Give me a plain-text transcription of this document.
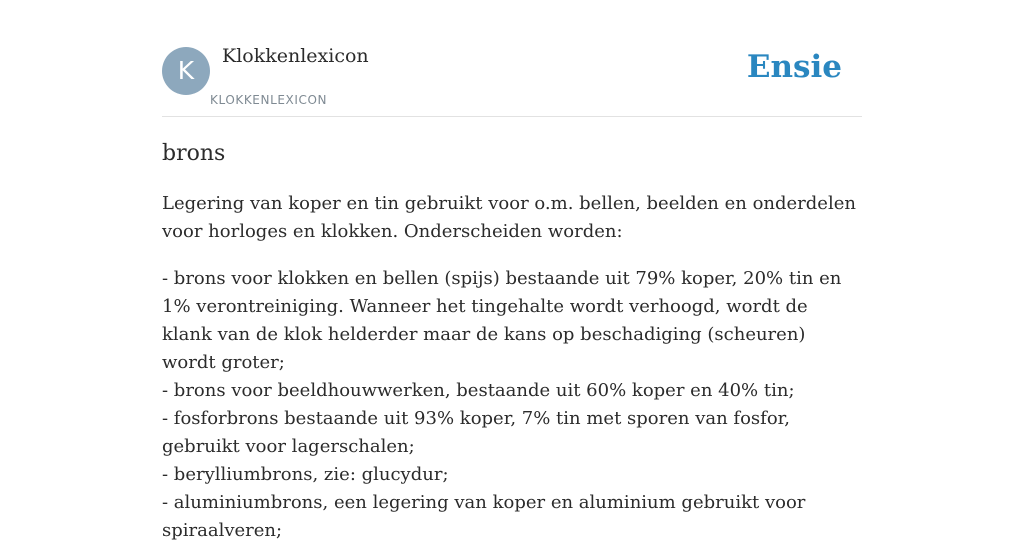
K	Klokkenlexicon
KLOKKENLEXICON
Ensie
brons

Legering van koper en tin gebruikt voor o.m. bellen, beelden en onderdelen voor horloges en klokken. Onderscheiden worden:

- brons voor klokken en bellen (spijs) bestaande uit 79% koper, 20% tin en 1% verontreiniging. Wanneer het tingehalte wordt verhoogd, wordt de klank van de klok helderder maar de kans op beschadiging (scheuren) wordt groter;
- brons voor beeldhouwwerken, bestaande uit 60% koper en 40% tin;
- fosforbrons bestaande uit 93% koper, 7% tin met sporen van fosfor, gebruikt voor lagerschalen;
- berylliumbrons, zie: glucydur;
- aluminiumbrons, een legering van koper en aluminium gebruikt voor spiraalveren;
